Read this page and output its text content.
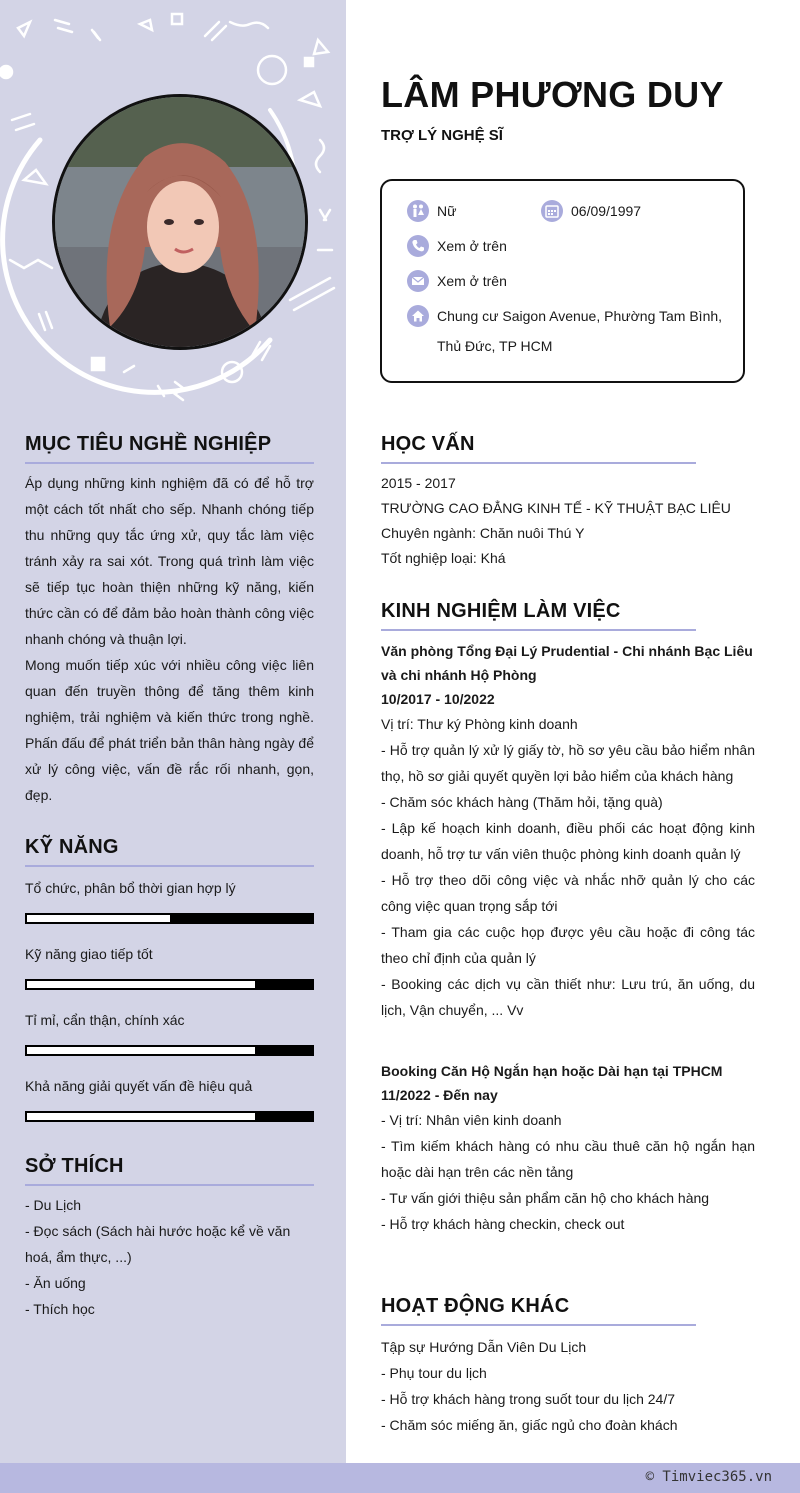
MỤC TIÊU NGHỀ NGHIỆP

Áp dụng những kinh nghiệm đã có để hỗ trợ một cách tốt nhất cho sếp. Nhanh chóng tiếp thu những quy tắc ứng xử, quy tắc làm việc tránh xảy ra sai xót. Trong quá trình làm việc sẽ tiếp tục hoàn thiện những kỹ năng, kiến thức cần có để đảm bảo hoàn thành công việc nhanh chóng và thuận lợi.

Mong muốn tiếp xúc với nhiều công việc liên quan đến truyền thông để tăng thêm kinh nghiệm, trải nghiệm và kiến thức trong nghề. Phấn đấu để phát triển bản thân hàng ngày để xử lý công việc, vấn đề rắc rối nhanh, gọn, đẹp.

KỸ NĂNG

Tổ chức, phân bổ thời gian hợp lý

Kỹ năng giao tiếp tốt

Tỉ mỉ, cẩn thận, chính xác

Khả năng giải quyết vấn đề hiệu quả

SỞ THÍCH

- Du Lịch

- Đọc sách (Sách hài hước hoặc kể về văn hoá, ẩm thực, ...)

- Ăn uống

- Thích học

LÂM PHƯƠNG DUY

TRỢ LÝ NGHỆ SĨ

Nữ	06/09/1997
Xem ở trên
Xem ở trên
Chung cư Saigon Avenue, Phường Tam Bình,
Thủ Đức, TP HCM
HỌC VẤN
2015 - 2017
TRƯỜNG CAO ĐẲNG KINH TẾ - KỸ THUẬT BẠC LIÊU
Chuyên ngành: Chăn nuôi Thú Y
Tốt nghiệp loại: Khá
KINH NGHIỆM LÀM VIỆC
Văn phòng Tổng Đại Lý Prudential - Chi nhánh Bạc Liêu và chi nhánh Hộ Phòng
10/2017 - 10/2022
Vị trí: Thư ký Phòng kinh doanh
- Hỗ trợ quản lý xử lý giấy tờ, hồ sơ yêu cầu bảo hiểm nhân thọ, hồ sơ giải quyết quyền lợi bảo hiểm của khách hàng
- Chăm sóc khách hàng (Thăm hỏi, tặng quà)
- Lập kế hoạch kinh doanh, điều phối các hoạt động kinh doanh, hỗ trợ tư vấn viên thuộc phòng kinh doanh quản lý
- Hỗ trợ theo dõi công việc và nhắc nhỡ quản lý cho các công việc quan trọng sắp tới
- Tham gia các cuộc họp được yêu cầu hoặc đi công tác theo chỉ định của quản lý
- Booking các dịch vụ cần thiết như: Lưu trú, ăn uống, du lịch, Vận chuyển, ... Vv
Booking Căn Hộ Ngắn hạn hoặc Dài hạn tại TPHCM
11/2022 - Đến nay
- Vị trí: Nhân viên kinh doanh
- Tìm kiếm khách hàng có nhu cầu thuê căn hộ ngắn hạn hoặc dài hạn trên các nền tảng
- Tư vấn giới thiệu sản phẩm căn hộ cho khách hàng
- Hỗ trợ khách hàng checkin, check out
HOẠT ĐỘNG KHÁC
Tập sự Hướng Dẫn Viên Du Lịch
- Phụ tour du lịch
- Hỗ trợ khách hàng trong suốt tour du lịch 24/7
- Chăm sóc miếng ăn, giấc ngủ cho đoàn khách
© Timviec365.vn
